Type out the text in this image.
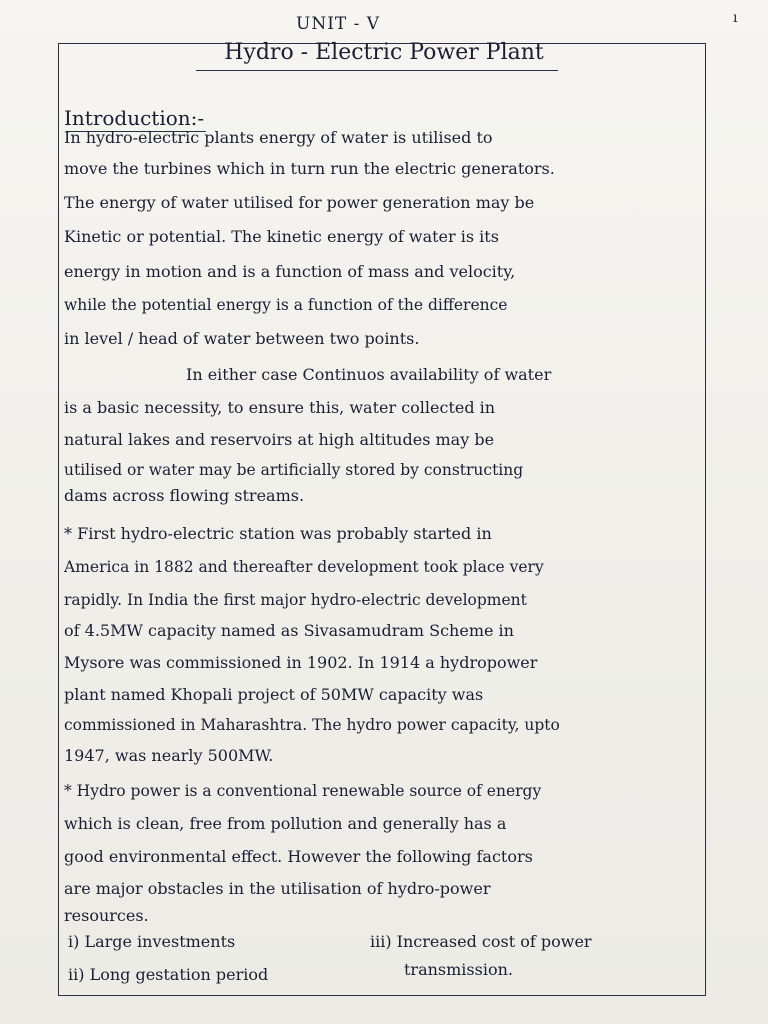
ı
UNIT - V
Hydro - Electric Power Plant
Introduction:-
In hydro-electric plants energy of water is utilised to
move the turbines which in turn run the electric generators.
The energy of water utilised for power generation may be
Kinetic or potential. The kinetic energy of water is its
energy in motion and is a function of mass and velocity,
while the potential energy is a function of the difference
in level / head of water between two points.
In either case Continuos availability of water
is a basic necessity, to ensure this, water collected in
natural lakes and reservoirs at high altitudes may be
utilised or water may be artificially stored by constructing
dams across flowing streams.
* First hydro-electric station was probably started in
America in 1882 and thereafter development took place very
rapidly. In India the first major hydro-electric development
of 4.5MW capacity named as Sivasamudram Scheme in
Mysore was commissioned in 1902. In 1914 a hydropower
plant named Khopali project of 50MW capacity was
commissioned in Maharashtra. The hydro power capacity, upto
1947, was nearly 500MW.
* Hydro power is a conventional renewable source of energy
which is clean, free from pollution and generally has a
good environmental effect. However the following factors
are major obstacles in the utilisation of hydro-power
resources.
i) Large investments
ii) Long gestation period
iii) Increased cost of power
transmission.
